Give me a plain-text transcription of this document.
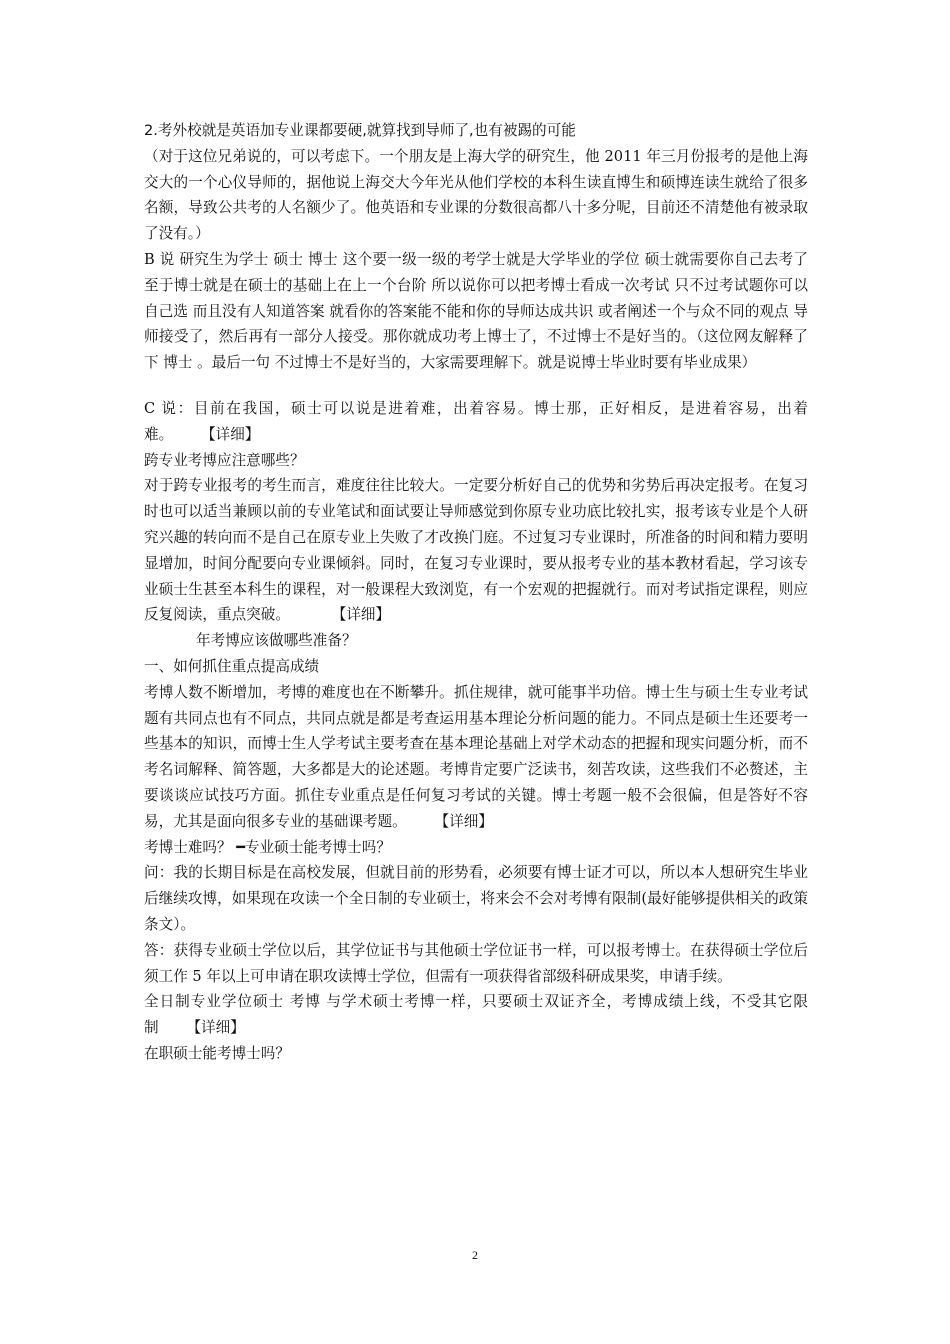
2.考外校就是英语加专业课都要硬,就算找到导师了,也有被踢的可能

（对于这位兄弟说的，可以考虑下。一个朋友是上海大学的研究生，他 2011 年三月份报考的是他上海交大的一个心仪导师的，据他说上海交大今年光从他们学校的本科生读直博生和硕博连读生就给了很多名额，导致公共考的人名额少了。他英语和专业课的分数很高都八十多分呢，目前还不清楚他有被录取了没有。）

B 说 研究生为学士 硕士 博士 这个要一级一级的考学士就是大学毕业的学位 硕士就需要你自己去考了 至于博士就是在硕士的基础上在上一个台阶 所以说你可以把考博士看成一次考试 只不过考试题你可以自己选 而且没有人知道答案 就看你的答案能不能和你的导师达成共识 或者阐述一个与众不同的观点 导师接受了，然后再有一部分人接受。那你就成功考上博士了，不过博士不是好当的。（这位网友解释了下 博士 。最后一句 不过博士不是好当的，大家需要理解下。就是说博士毕业时要有毕业成果）

C 说：目前在我国，硕士可以说是进着难，出着容易。博士那，正好相反，是进着容易，出着难。 【详细】

跨专业考博应注意哪些？

对于跨专业报考的考生而言，难度往往比较大。一定要分析好自己的优势和劣势后再决定报考。在复习时也可以适当兼顾以前的专业笔试和面试要让导师感觉到你原专业功底比较扎实，报考该专业是个人研究兴趣的转向而不是自己在原专业上失败了才改换门庭。不过复习专业课时，所准备的时间和精力要明显增加，时间分配要向专业课倾斜。同时，在复习专业课时，要从报考专业的基本教材看起，学习该专业硕士生甚至本科生的课程，对一般课程大致浏览，有一个宏观的把握就行。而对考试指定课程，则应反复阅读，重点突破。	【详细】

年考博应该做哪些准备？

一、如何抓住重点提高成绩

考博人数不断增加，考博的难度也在不断攀升。抓住规律，就可能事半功倍。博士生与硕士生专业考试题有共同点也有不同点，共同点就是都是考查运用基本理论分析问题的能力。不同点是硕士生还要考一些基本的知识，而博士生人学考试主要考查在基本理论基础上对学术动态的把握和现实问题分析，而不考名词解释、简答题，大多都是大的论述题。考博肯定要广泛读书，刻苦攻读，这些我们不必赘述，主要谈谈应试技巧方面。抓住专业重点是任何复习考试的关键。博士考题一般不会很偏，但是答好不容易，尤其是面向很多专业的基础课考题。 【详细】

考博士难吗？ ━专业硕士能考博士吗？

问：我的长期目标是在高校发展，但就目前的形势看，必须要有博士证才可以，所以本人想研究生毕业后继续攻博，如果现在攻读一个全日制的专业硕士，将来会不会对考博有限制(最好能够提供相关的政策条文）。

答：获得专业硕士学位以后，其学位证书与其他硕士学位证书一样，可以报考博士。在获得硕士学位后须工作 5 年以上可申请在职攻读博士学位，但需有一项获得省部级科研成果奖，申请手续。

全日制专业学位硕士 考博 与学术硕士考博一样，只要硕士双证齐全，考博成绩上线，不受其它限制 【详细】

在职硕士能考博士吗？

2
